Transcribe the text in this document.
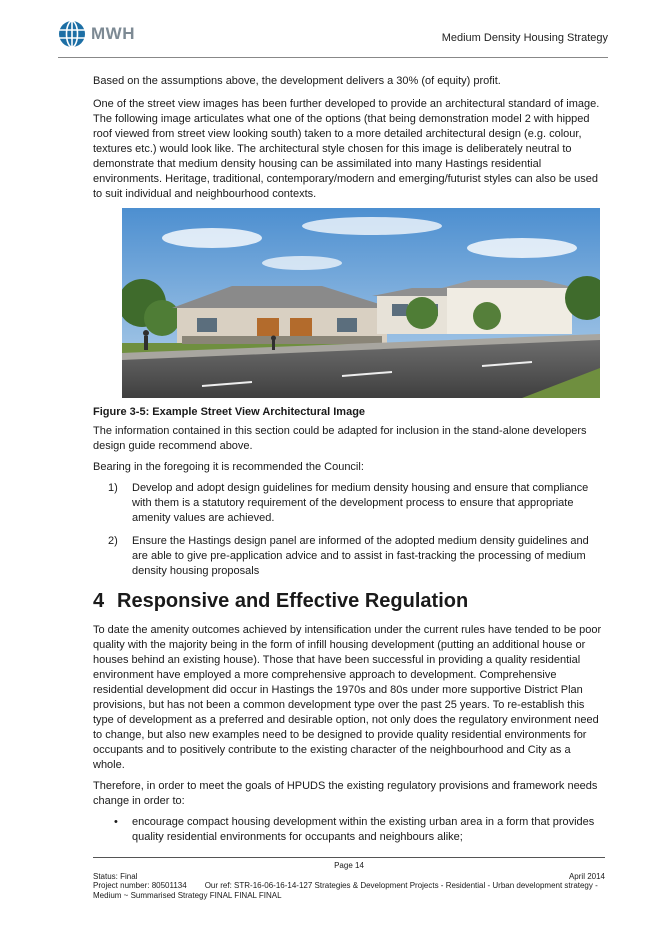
MWH	Medium Density Housing Strategy

Based on the assumptions above, the development delivers a 30% (of equity) profit.

One of the street view images has been further developed to provide an architectural standard of image. The following image articulates what one of the options (that being demonstration model 2 with hipped roof viewed from street view looking south) taken to a more detailed architectural design (e.g. colour, textures etc.) would look like. The architectural style chosen for this image is deliberately neutral to demonstrate that medium density housing can be assimilated into many Hastings residential environments. Heritage, traditional, contemporary/modern and emerging/futurist styles can also be used to suit individual and neighbourhood contexts.

Figure 3-5: Example Street View Architectural Image

The information contained in this section could be adapted for inclusion in the stand-alone developers design guide recommend above.

Bearing in the foregoing it is recommended the Council:

1) Develop and adopt design guidelines for medium density housing and ensure that compliance with them is a statutory requirement of the development process to ensure that appropriate amenity values are achieved.
2) Ensure the Hastings design panel are informed of the adopted medium density guidelines and are able to give pre-application advice and to assist in fast-tracking the processing of medium density housing proposals
4 Responsive and Effective Regulation

To date the amenity outcomes achieved by intensification under the current rules have tended to be poor quality with the majority being in the form of infill housing development (putting an additional house or houses behind an existing house). Those that have been successful in providing a quality residential environment have employed a more comprehensive approach to development. Comprehensive residential development did occur in Hastings the 1970s and 80s under more supportive District Plan provisions, but has not been a common development type over the past 25 years. To re-establish this type of development as a preferred and desirable option, not only does the regulatory environment need to change, but also new examples need to be designed to provide quality residential environments for occupants and to positively contribute to the existing character of the neighbourhood and City as a whole.

Therefore, in order to meet the goals of HPUDS the existing regulatory provisions and framework needs change in order to:

• encourage compact housing development within the existing urban area in a form that provides quality residential environments for occupants and neighbours alike;
Page 14
Status: Final	April 2014
Project number: 80501134 Our ref: STR-16-06-16-14-127 Strategies & Development Projects - Residential - Urban development strategy - Medium ~ Summarised Strategy FINAL FINAL FINAL
